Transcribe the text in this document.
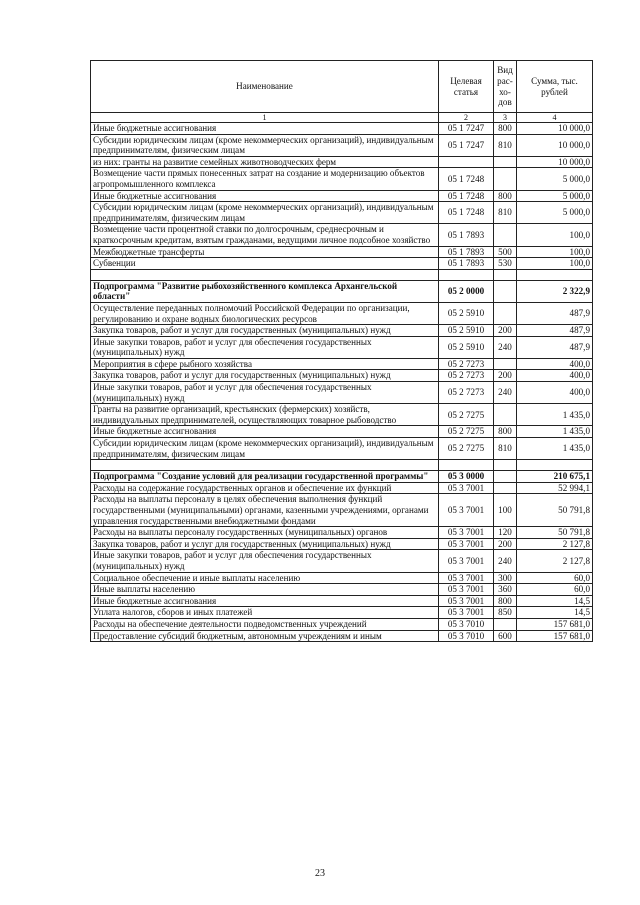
Наименование	Целевая статья	Вид рас-хо-дов	Сумма, тыс. рублей
1	2	3	4
Иные бюджетные ассигнования	05 1 7247	800	10 000,0
Субсидии юридическим лицам (кроме некоммерческих организаций), индивидуальным предпринимателям, физическим лицам	05 1 7247	810	10 000,0
из них: гранты на развитие семейных животноводческих ферм			10 000,0
Возмещение части прямых понесенных затрат на создание и модернизацию объектов агропромышленного комплекса	05 1 7248		5 000,0
Иные бюджетные ассигнования	05 1 7248	800	5 000,0
Субсидии юридическим лицам (кроме некоммерческих организаций), индивидуальным предпринимателям, физическим лицам	05 1 7248	810	5 000,0
Возмещение части процентной ставки по долгосрочным, среднесрочным и краткосрочным кредитам, взятым гражданами, ведущими личное подсобное хозяйство	05 1 7893		100,0
Межбюджетные трансферты	05 1 7893	500	100,0
Субвенции	05 1 7893	530	100,0

Подпрограмма "Развитие рыбохозяйственного комплекса Архангельской области"	05 2 0000		2 322,9
Осуществление переданных полномочий Российской Федерации по организации, регулированию и охране водных биологических ресурсов	05 2 5910		487,9
Закупка товаров, работ и услуг для государственных (муниципальных) нужд	05 2 5910	200	487,9
Иные закупки товаров, работ и услуг для обеспечения государственных (муниципальных) нужд	05 2 5910	240	487,9
Мероприятия в сфере рыбного хозяйства	05 2 7273		400,0
Закупка товаров, работ и услуг для государственных (муниципальных) нужд	05 2 7273	200	400,0
Иные закупки товаров, работ и услуг для обеспечения государственных (муниципальных) нужд	05 2 7273	240	400,0
Гранты на развитие организаций, крестьянских (фермерских) хозяйств, индивидуальных предпринимателей, осуществляющих товарное рыбоводство	05 2 7275		1 435,0
Иные бюджетные ассигнования	05 2 7275	800	1 435,0
Субсидии юридическим лицам (кроме некоммерческих организаций), индивидуальным предпринимателям, физическим лицам	05 2 7275	810	1 435,0

Подпрограмма "Создание условий для реализации государственной программы"	05 3 0000		210 675,1
Расходы на содержание государственных органов и обеспечение их функций	05 3 7001		52 994,1
Расходы на выплаты персоналу в целях обеспечения выполнения функций государственными (муниципальными) органами, казенными учреждениями, органами управления государственными внебюджетными фондами	05 3 7001	100	50 791,8
Расходы на выплаты персоналу государственных (муниципальных) органов	05 3 7001	120	50 791,8
Закупка товаров, работ и услуг для государственных (муниципальных) нужд	05 3 7001	200	2 127,8
Иные закупки товаров, работ и услуг для обеспечения государственных (муниципальных) нужд	05 3 7001	240	2 127,8
Социальное обеспечение и иные выплаты населению	05 3 7001	300	60,0
Иные выплаты населению	05 3 7001	360	60,0
Иные бюджетные ассигнования	05 3 7001	800	14,5
Уплата налогов, сборов и иных платежей	05 3 7001	850	14,5
Расходы на обеспечение деятельности подведомственных учреждений	05 3 7010		157 681,0
Предоставление субсидий бюджетным, автономным учреждениям и иным	05 3 7010	600	157 681,0
23
